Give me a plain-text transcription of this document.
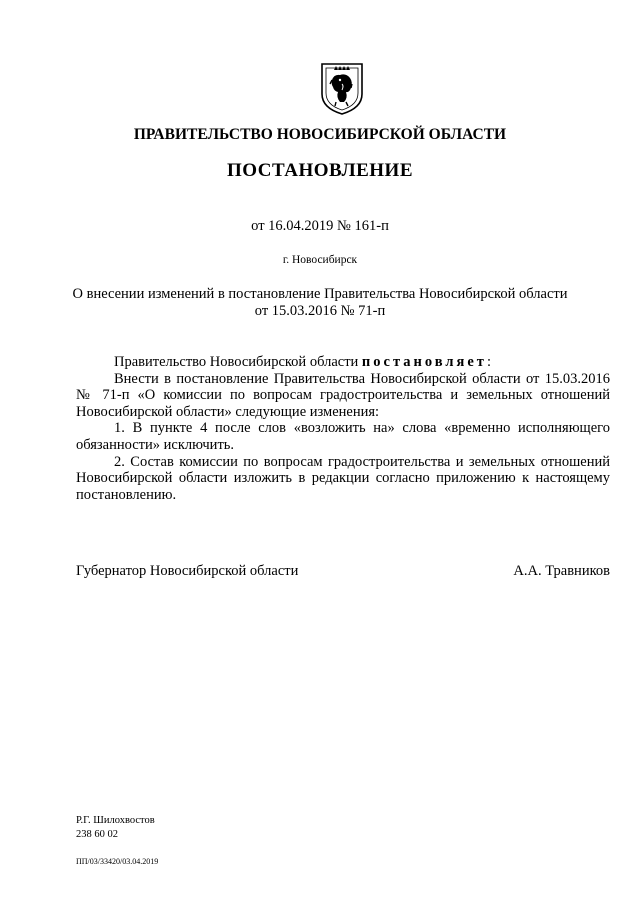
ПРАВИТЕЛЬСТВО НОВОСИБИРСКОЙ ОБЛАСТИ
ПОСТАНОВЛЕНИЕ
от 16.04.2019 № 161-п
г. Новосибирск
О внесении изменений в постановление Правительства Новосибирской области
от 15.03.2016 № 71-п

Правительство Новосибирской области постановляет:

Внести в постановление Правительства Новосибирской области от 15.03.2016 № 71-п «О комиссии по вопросам градостроительства и земельных отношений Новосибирской области» следующие изменения:

1. В пункте 4 после слов «возложить на» слова «временно исполняющего обязанности» исключить.

2. Состав комиссии по вопросам градостроительства и земельных отношений Новосибирской области изложить в редакции согласно приложению к настоящему постановлению.

Губернатор Новосибирской области	А.А. Травников
Р.Г. Шилохвостов
238 60 02
ПП/03/33420/03.04.2019
